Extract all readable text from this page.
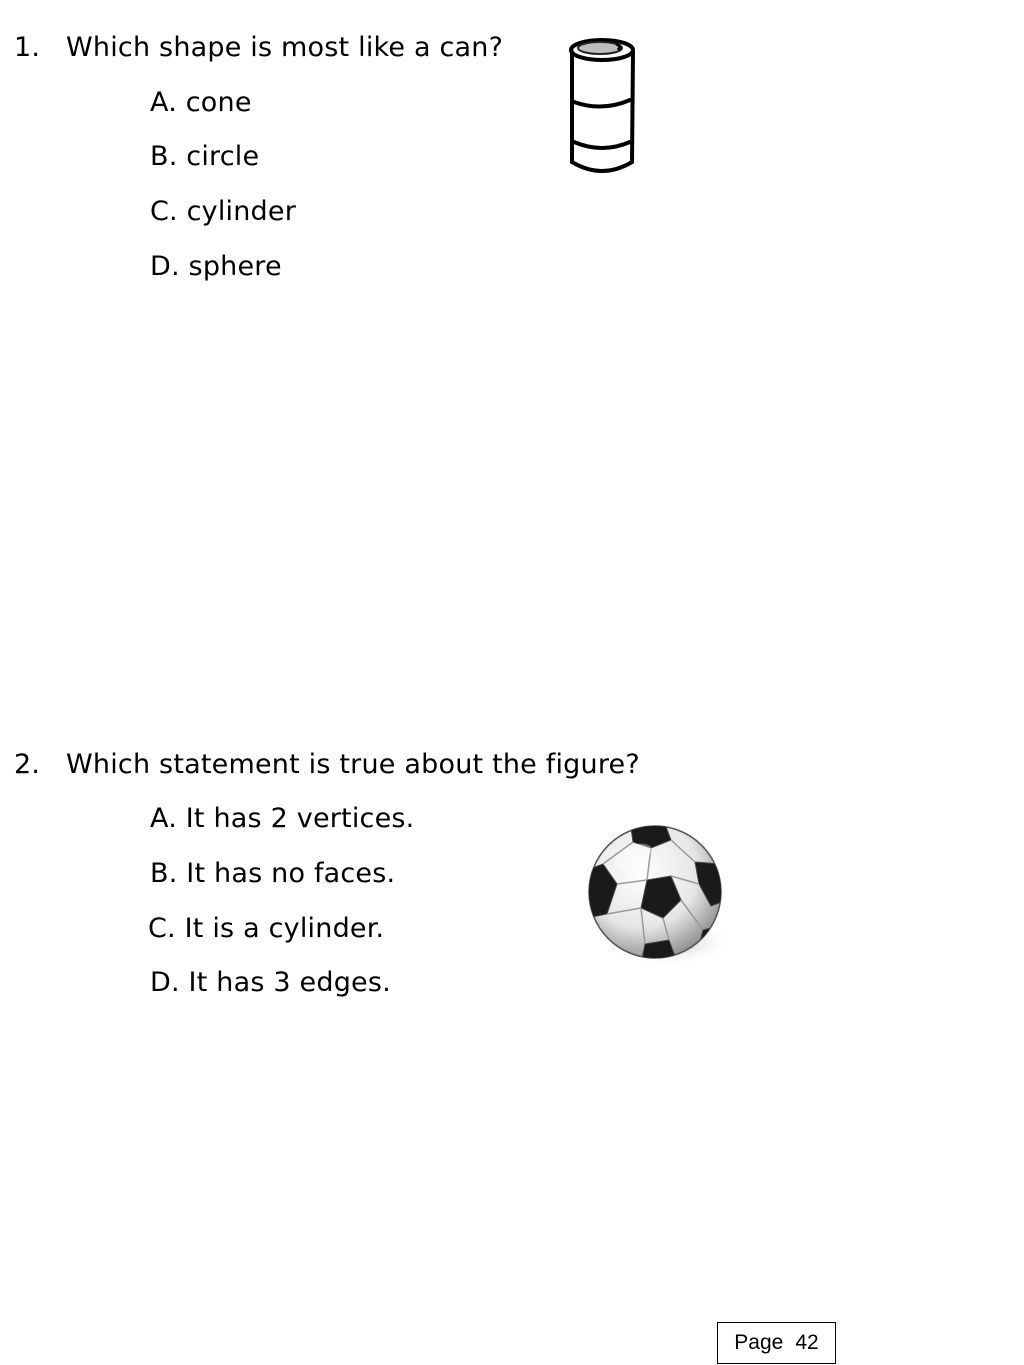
1. Which shape is most like a can?
A. cone
B. circle
C. cylinder
D. sphere
2. Which statement is true about the figure?
A. It has 2 vertices.
B. It has no faces.
C. It is a cylinder.
D. It has 3 edges.
Page 42
